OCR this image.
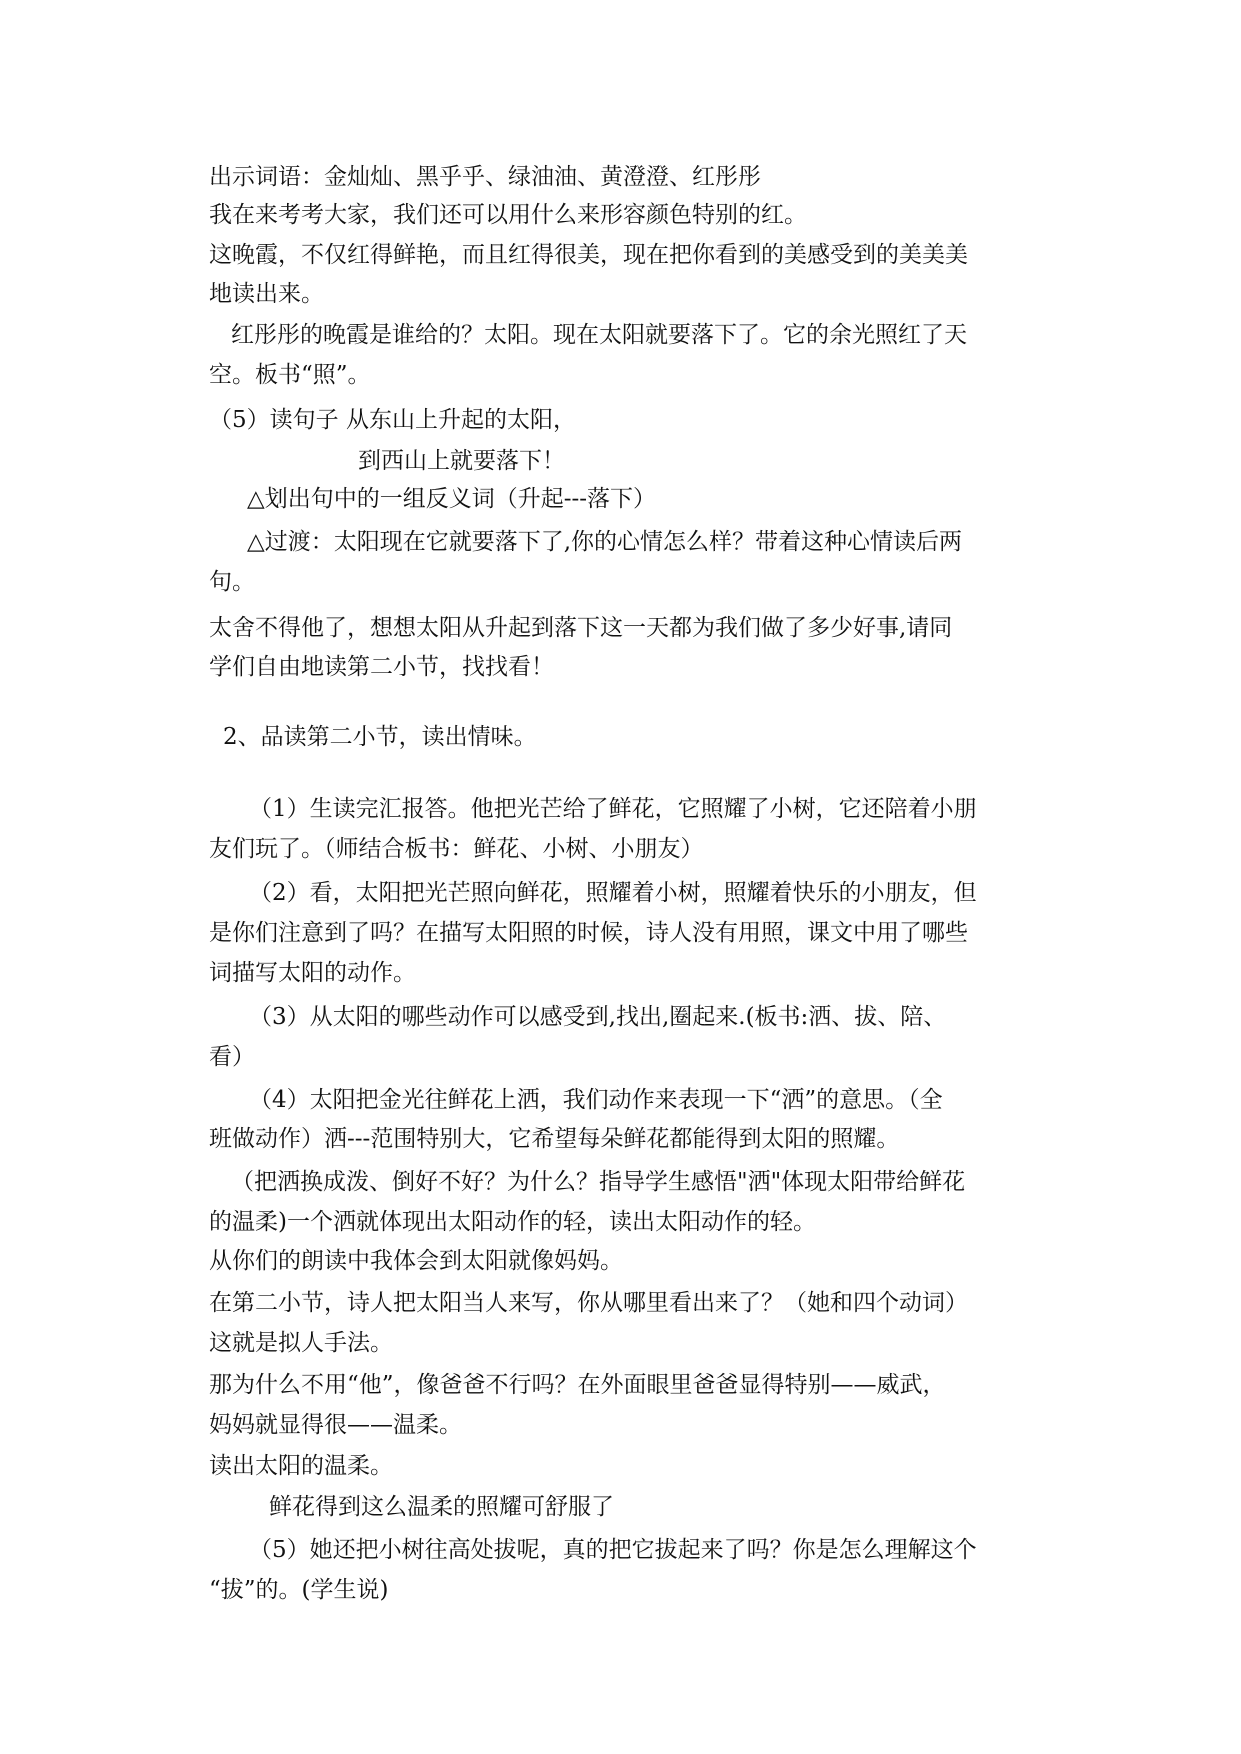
出示词语：金灿灿、黑乎乎、绿油油、黄澄澄、红彤彤
我在来考考大家，我们还可以用什么来形容颜色特别的红。
这晚霞，不仅红得鲜艳，而且红得很美，现在把你看到的美感受到的美美美
地读出来。
红彤彤的晚霞是谁给的？太阳。现在太阳就要落下了。它的余光照红了天
空。板书“照”。
（5）读句子 从东山上升起的太阳，
到西山上就要落下！
△划出句中的一组反义词（升起---落下）
△过渡：太阳现在它就要落下了,你的心情怎么样？带着这种心情读后两
句。
太舍不得他了，想想太阳从升起到落下这一天都为我们做了多少好事,请同
学们自由地读第二小节，找找看！
2、品读第二小节，读出情味。
（1）生读完汇报答。他把光芒给了鲜花，它照耀了小树，它还陪着小朋
友们玩了。（师结合板书：鲜花、小树、小朋友）
（2）看，太阳把光芒照向鲜花，照耀着小树，照耀着快乐的小朋友，但
是你们注意到了吗？在描写太阳照的时候，诗人没有用照，课文中用了哪些
词描写太阳的动作。
（3）从太阳的哪些动作可以感受到,找出,圈起来.(板书:洒、拔、陪、
看）
（4）太阳把金光往鲜花上洒，我们动作来表现一下“洒”的意思。（全
班做动作）洒---范围特别大，它希望每朵鲜花都能得到太阳的照耀。
（把洒换成泼、倒好不好？为什么？指导学生感悟"洒"体现太阳带给鲜花
的温柔)一个洒就体现出太阳动作的轻，读出太阳动作的轻。
从你们的朗读中我体会到太阳就像妈妈。
在第二小节，诗人把太阳当人来写，你从哪里看出来了？（她和四个动词）
这就是拟人手法。
那为什么不用“他”，像爸爸不行吗？在外面眼里爸爸显得特别——威武，
妈妈就显得很——温柔。
读出太阳的温柔。
鲜花得到这么温柔的照耀可舒服了
（5）她还把小树往高处拔呢，真的把它拔起来了吗？你是怎么理解这个
“拔”的。(学生说)
